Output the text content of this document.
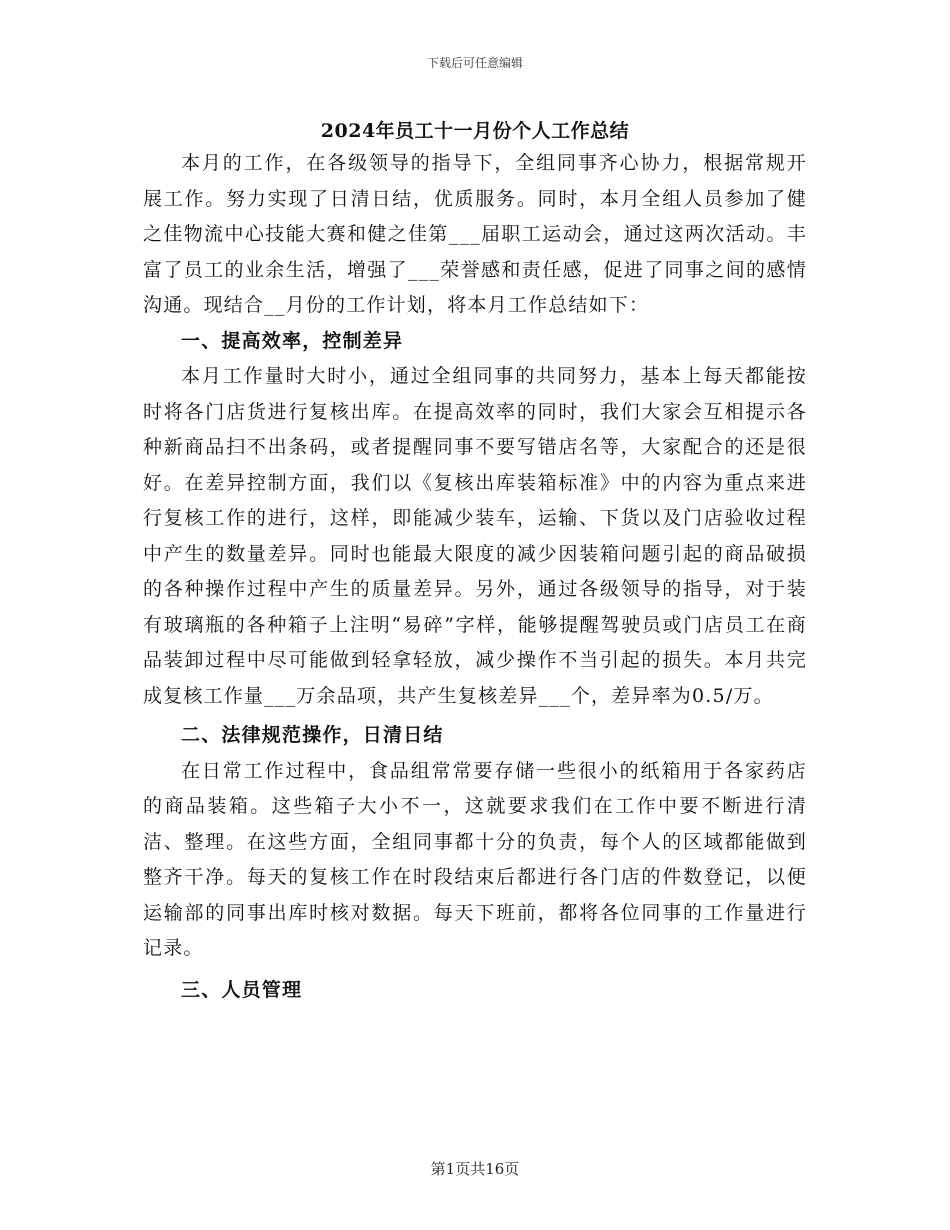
下载后可任意编辑
2024年员工十一月份个人工作总结

本月的工作，在各级领导的指导下，全组同事齐心协力，根据常规开展工作。努力实现了日清日结，优质服务。同时，本月全组人员参加了健之佳物流中心技能大赛和健之佳第___届职工运动会，通过这两次活动。丰富了员工的业余生活，增强了___荣誉感和责任感，促进了同事之间的感情沟通。现结合__月份的工作计划，将本月工作总结如下：

一、提高效率，控制差异

本月工作量时大时小，通过全组同事的共同努力，基本上每天都能按时将各门店货进行复核出库。在提高效率的同时，我们大家会互相提示各种新商品扫不出条码，或者提醒同事不要写错店名等，大家配合的还是很好。在差异控制方面，我们以《复核出库装箱标准》中的内容为重点来进行复核工作的进行，这样，即能减少装车，运输、下货以及门店验收过程中产生的数量差异。同时也能最大限度的减少因装箱问题引起的商品破损的各种操作过程中产生的质量差异。另外，通过各级领导的指导，对于装有玻璃瓶的各种箱子上注明“易碎”字样，能够提醒驾驶员或门店员工在商品装卸过程中尽可能做到轻拿轻放，减少操作不当引起的损失。本月共完成复核工作量___万余品项，共产生复核差异___个，差异率为0.5/万。

二、法律规范操作，日清日结

在日常工作过程中，食品组常常要存储一些很小的纸箱用于各家药店的商品装箱。这些箱子大小不一，这就要求我们在工作中要不断进行清洁、整理。在这些方面，全组同事都十分的负责，每个人的区域都能做到整齐干净。每天的复核工作在时段结束后都进行各门店的件数登记，以便运输部的同事出库时核对数据。每天下班前，都将各位同事的工作量进行记录。

三、人员管理
第1页共16页
